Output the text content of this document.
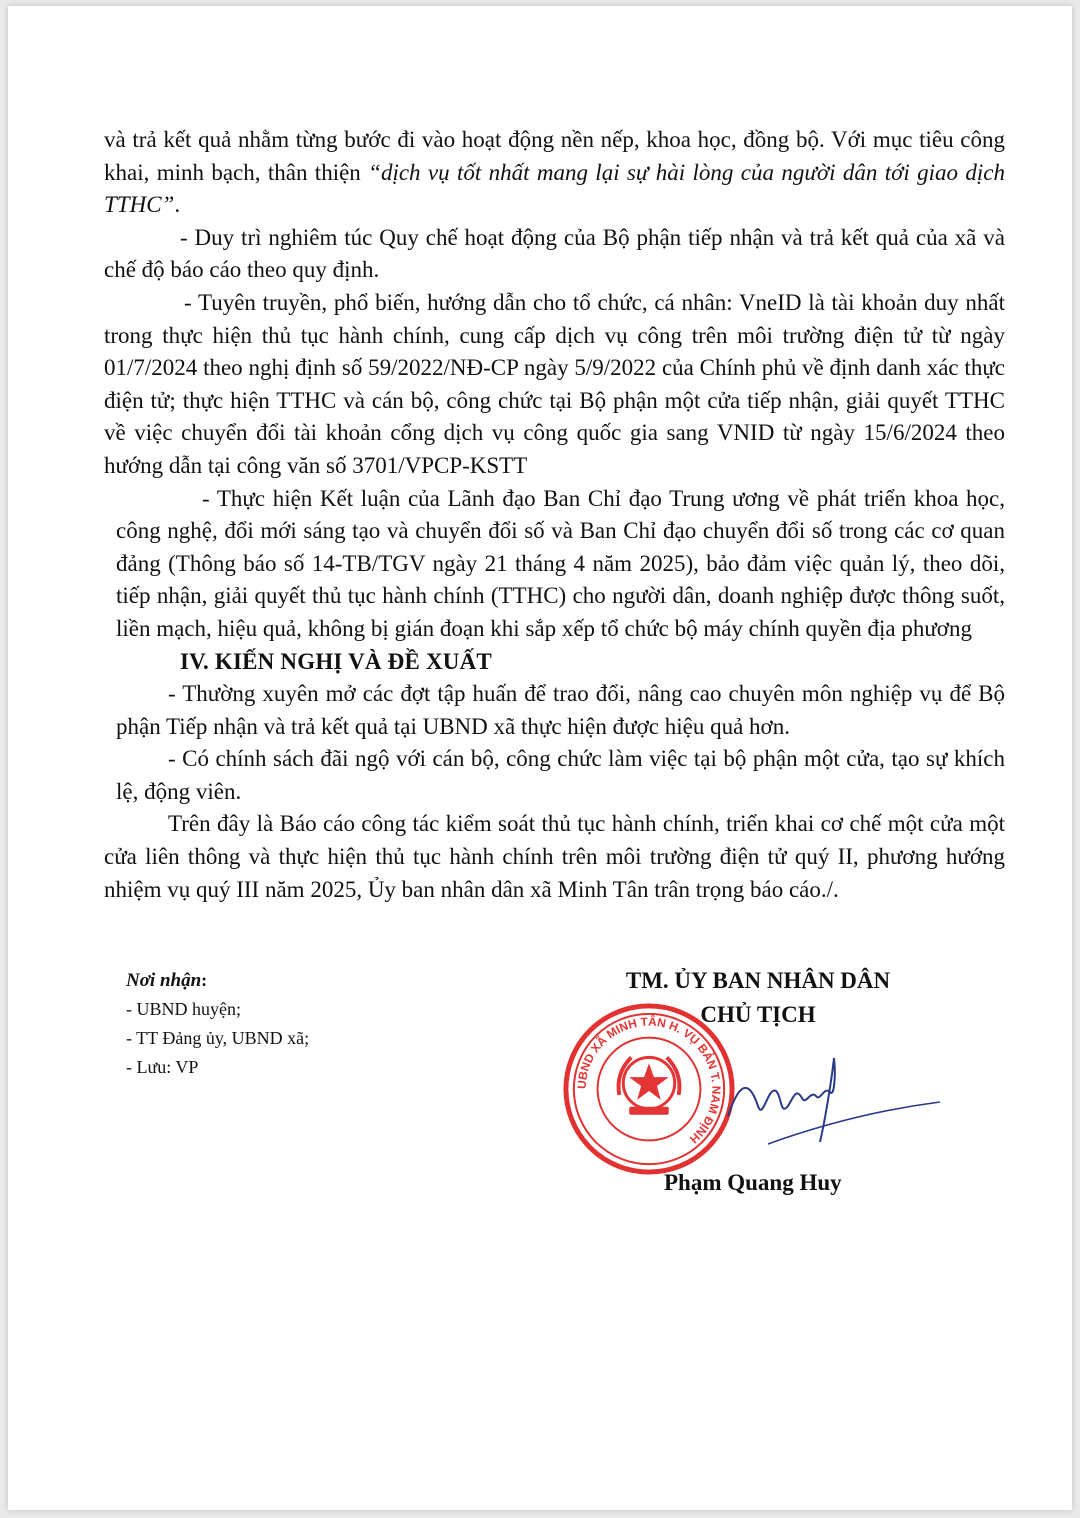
và trả kết quả nhằm từng bước đi vào hoạt động nền nếp, khoa học, đồng bộ. Với mục tiêu công khai, minh bạch, thân thiện “dịch vụ tốt nhất mang lại sự hài lòng của người dân tới giao dịch TTHC”.

- Duy trì nghiêm túc Quy chế hoạt động của Bộ phận tiếp nhận và trả kết quả của xã và chế độ báo cáo theo quy định.

- Tuyên truyền, phổ biến, hướng dẫn cho tổ chức, cá nhân: VneID là tài khoản duy nhất trong thực hiện thủ tục hành chính, cung cấp dịch vụ công trên môi trường điện tử từ ngày 01/7/2024 theo nghị định số 59/2022/NĐ-CP ngày 5/9/2022 của Chính phủ về định danh xác thực điện tử; thực hiện TTHC và cán bộ, công chức tại Bộ phận một cửa tiếp nhận, giải quyết TTHC về việc chuyển đổi tài khoản cổng dịch vụ công quốc gia sang VNID từ ngày 15/6/2024 theo hướng dẫn tại công văn số 3701/VPCP-KSTT

- Thực hiện Kết luận của Lãnh đạo Ban Chỉ đạo Trung ương về phát triển khoa học, công nghệ, đổi mới sáng tạo và chuyển đổi số và Ban Chỉ đạo chuyển đổi số trong các cơ quan đảng (Thông báo số 14-TB/TGV ngày 21 tháng 4 năm 2025), bảo đảm việc quản lý, theo dõi, tiếp nhận, giải quyết thủ tục hành chính (TTHC) cho người dân, doanh nghiệp được thông suốt, liền mạch, hiệu quả, không bị gián đoạn khi sắp xếp tổ chức bộ máy chính quyền địa phương

IV. KIẾN NGHỊ VÀ ĐỀ XUẤT

- Thường xuyên mở các đợt tập huấn để trao đổi, nâng cao chuyên môn nghiệp vụ để Bộ phận Tiếp nhận và trả kết quả tại UBND xã thực hiện được hiệu quả hơn.

- Có chính sách đãi ngộ với cán bộ, công chức làm việc tại bộ phận một cửa, tạo sự khích lệ, động viên.

Trên đây là Báo cáo công tác kiểm soát thủ tục hành chính, triển khai cơ chế một cửa một cửa liên thông và thực hiện thủ tục hành chính trên môi trường điện tử quý II, phương hướng nhiệm vụ quý III năm 2025, Ủy ban nhân dân xã Minh Tân trân trọng báo cáo./.

Nơi nhận:
- UBND huyện;
- TT Đảng ủy, UBND xã;
- Lưu: VP
TM. ỦY BAN NHÂN DÂN
CHỦ TỊCH
UBND XÃ MINH TÂN H. VỤ BẢN T. NAM ĐỊNH
Phạm Quang Huy
